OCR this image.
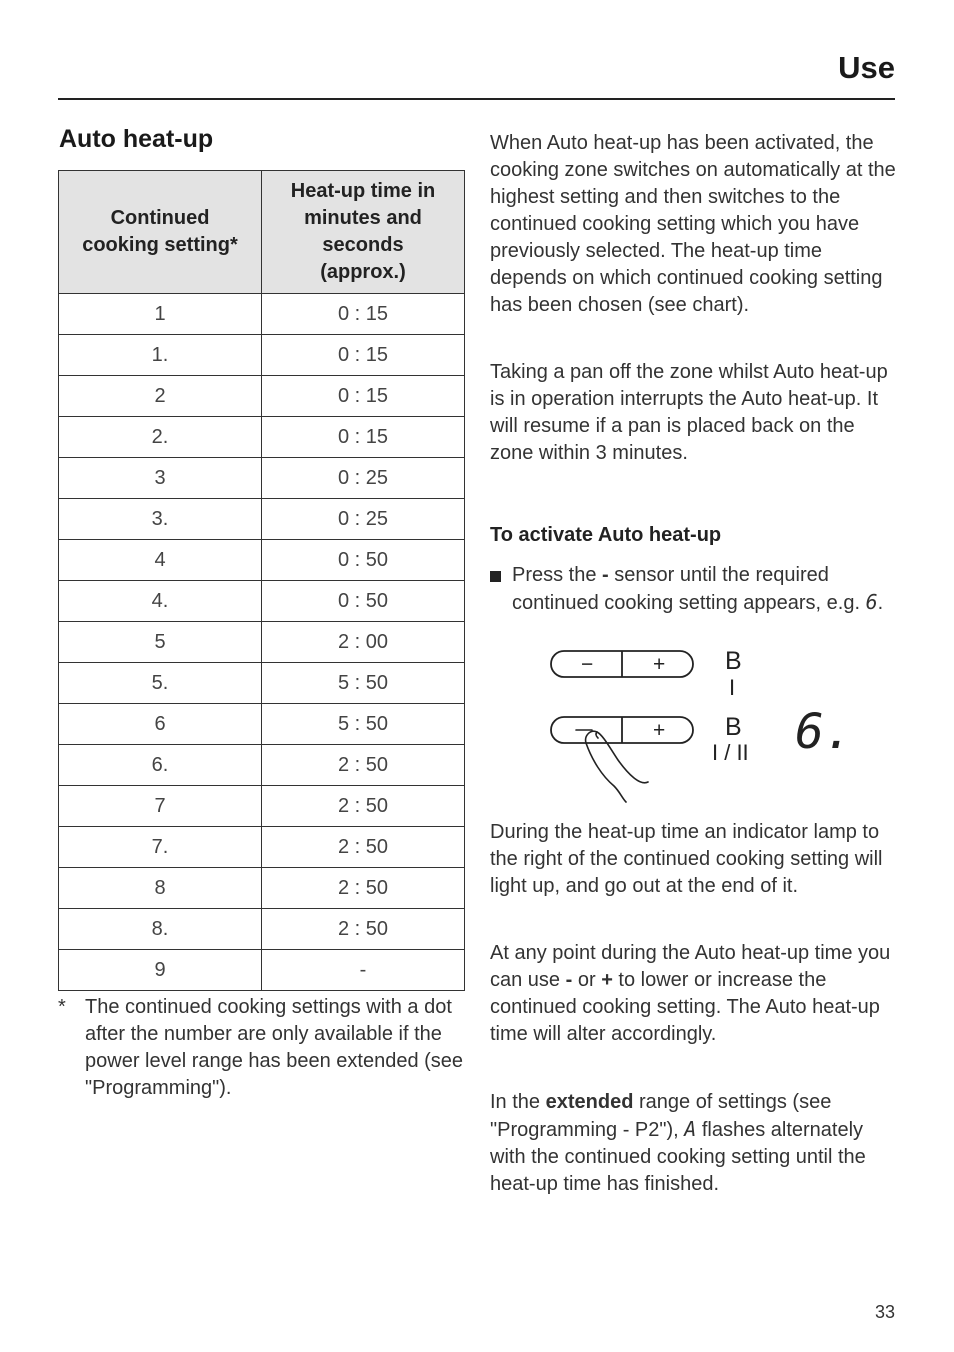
Use
Auto heat-up
Continued cooking setting*	Heat-up time in minutes and seconds (approx.)
1	0 : 15
1.	0 : 15
2	0 : 15
2.	0 : 15
3	0 : 25
3.	0 : 25
4	0 : 50
4.	0 : 50
5	2 : 00
5.	5 : 50
6	5 : 50
6.	2 : 50
7	2 : 50
7.	2 : 50
8	2 : 50
8.	2 : 50
9	-
* The continued cooking settings with a dot after the number are only available if the power level range has been extended (see "Programming").

When Auto heat-up has been activated, the cooking zone switches on automatically at the highest setting and then switches to the continued cooking setting which you have previously selected. The heat-up time depends on which continued cooking setting has been chosen (see chart).

Taking a pan off the zone whilst Auto heat-up is in operation interrupts the Auto heat-up. It will resume if a pan is placed back on the zone within 3 minutes.

To activate Auto heat-up
Press the - sensor until the required continued cooking setting appears, e.g. 6.
−	+ B
I
+ B
I / II 6.

During the heat-up time an indicator lamp to the right of the continued cooking setting will light up, and go out at the end of it.

At any point during the Auto heat-up time you can use - or + to lower or increase the continued cooking setting. The Auto heat-up time will alter accordingly.

In the extended range of settings (see "Programming - P2"), A flashes alternately with the continued cooking setting until the heat-up time has finished.

33
